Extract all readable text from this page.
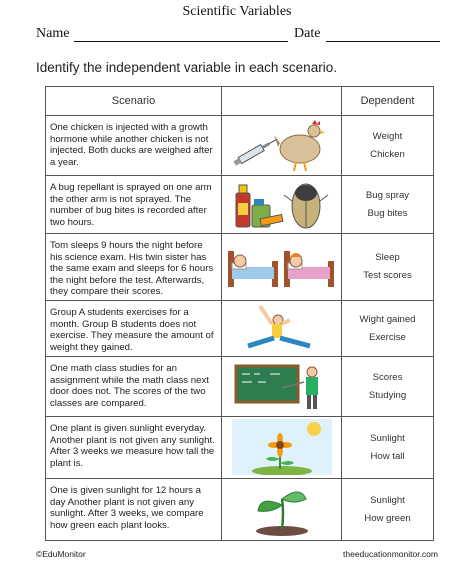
Scientific Variables
Name	Date
Identify the independent variable in each scenario.
Scenario		Dependent
One chicken is injected with a growth hormone while another chicken is not injected. Both ducks are weighed after a year.		Weight
Chicken

A bug repellant is sprayed on one arm the other arm is not sprayed. The number of bug bites is recorded after two hours.		Bug spray
Bug bites

Tom sleeps 9 hours the night before his science exam. His twin sister has the same exam and sleeps for 6 hours the night before the test. Afterwards, they compare their scores.		Sleep
Test scores

Group A students exercises for a month. Group B students does not exercise. They measure the amount of weight they gained.		Wight gained
Exercise

One math class studies for an assignment while the math class next door does not. The scores of the two classes are compared.		Scores
Studying

One plant is given sunlight everyday. Another plant is not given any sunlight. After 3 weeks we measure how tall the plant is.		Sunlight
How tall

One is given sunlight for 12 hours a day Another plant is not given any sunlight. After 3 weeks, we compare how green each plant looks.		Sunlight
How green
©EduMonitor	theeducationmonitor.com
